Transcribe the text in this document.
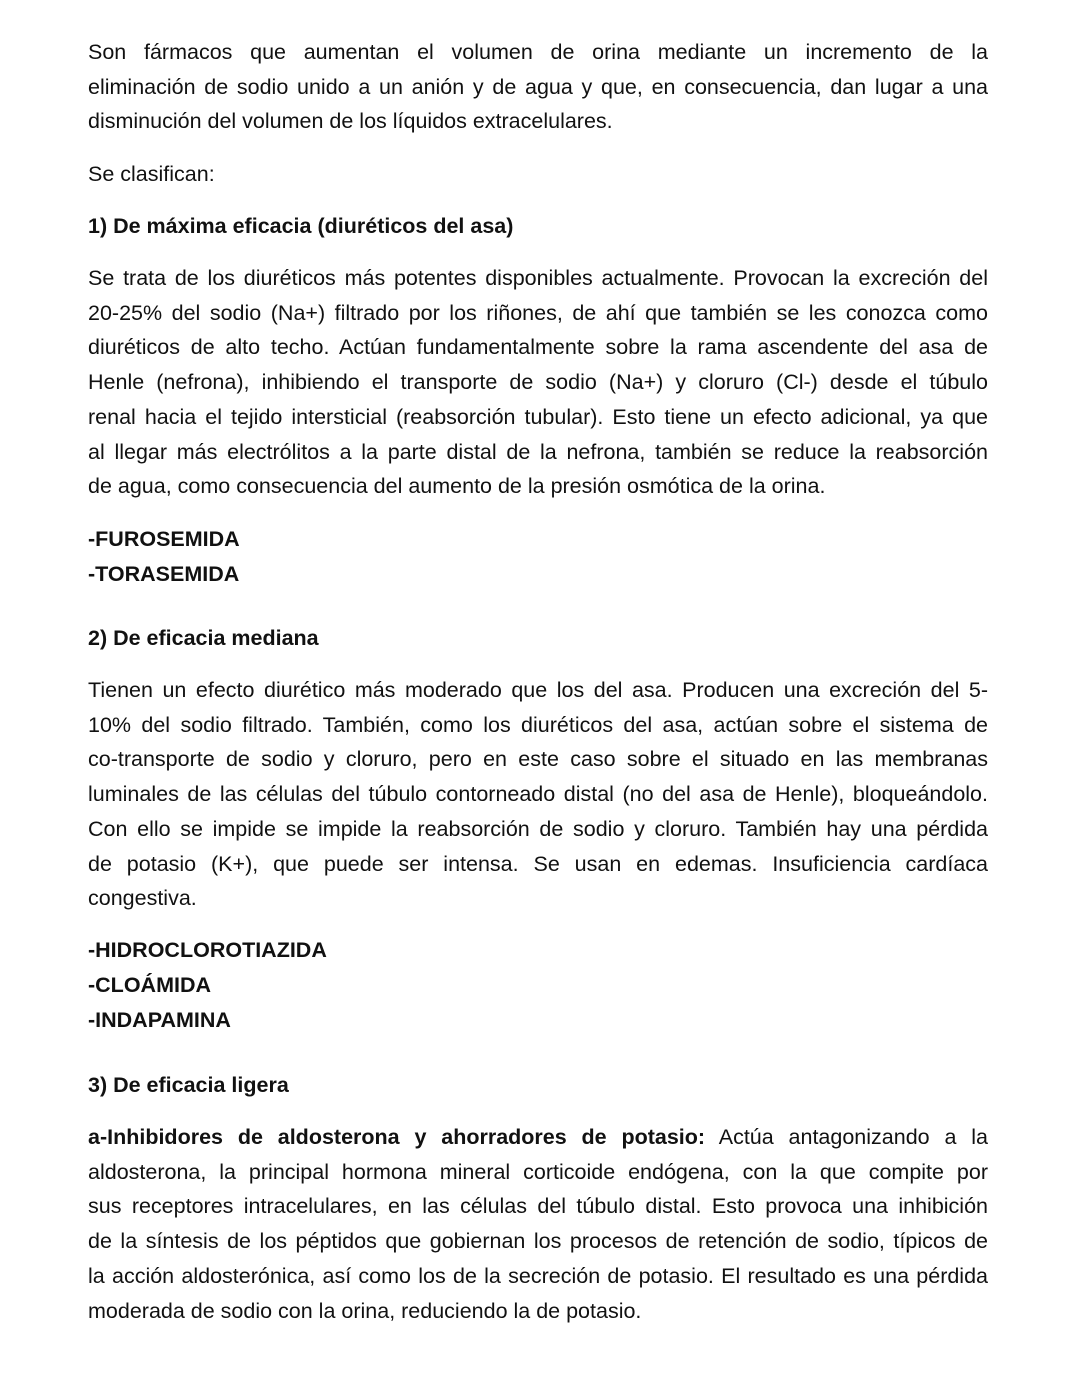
Son fármacos que aumentan el volumen de orina mediante un incremento de la

eliminación de sodio unido a un anión y de agua y que, en consecuencia, dan lugar a una

disminución del volumen de los líquidos extracelulares.

Se clasifican:

1) De máxima eficacia (diuréticos del asa)

Se trata de los diuréticos más potentes disponibles actualmente. Provocan la excreción del

20-25% del sodio (Na+) filtrado por los riñones, de ahí que también se les conozca como

diuréticos de alto techo. Actúan fundamentalmente sobre la rama ascendente del asa de

Henle (nefrona), inhibiendo el transporte de sodio (Na+) y cloruro (Cl-) desde el túbulo

renal hacia el tejido intersticial (reabsorción tubular). Esto tiene un efecto adicional, ya que

al llegar más electrólitos a la parte distal de la nefrona, también se reduce la reabsorción

de agua, como consecuencia del aumento de la presión osmótica de la orina.

-FUROSEMIDA
-TORASEMIDA

2) De eficacia mediana

Tienen un efecto diurético más moderado que los del asa. Producen una excreción del 5-

10% del sodio filtrado. También, como los diuréticos del asa, actúan sobre el sistema de

co-transporte de sodio y cloruro, pero en este caso sobre el situado en las membranas

luminales de las células del túbulo contorneado distal (no del asa de Henle), bloqueándolo.

Con ello se impide se impide la reabsorción de sodio y cloruro. También hay una pérdida

de potasio (K+), que puede ser intensa. Se usan en edemas. Insuficiencia cardíaca

congestiva.

-HIDROCLOROTIAZIDA
-CLOÁMIDA
-INDAPAMINA

3) De eficacia ligera

a-Inhibidores de aldosterona y ahorradores de potasio: Actúa antagonizando a la

aldosterona, la principal hormona mineral corticoide endógena, con la que compite por

sus receptores intracelulares, en las células del túbulo distal. Esto provoca una inhibición

de la síntesis de los péptidos que gobiernan los procesos de retención de sodio, típicos de

la acción aldosterónica, así como los de la secreción de potasio. El resultado es una pérdida

moderada de sodio con la orina, reduciendo la de potasio.
